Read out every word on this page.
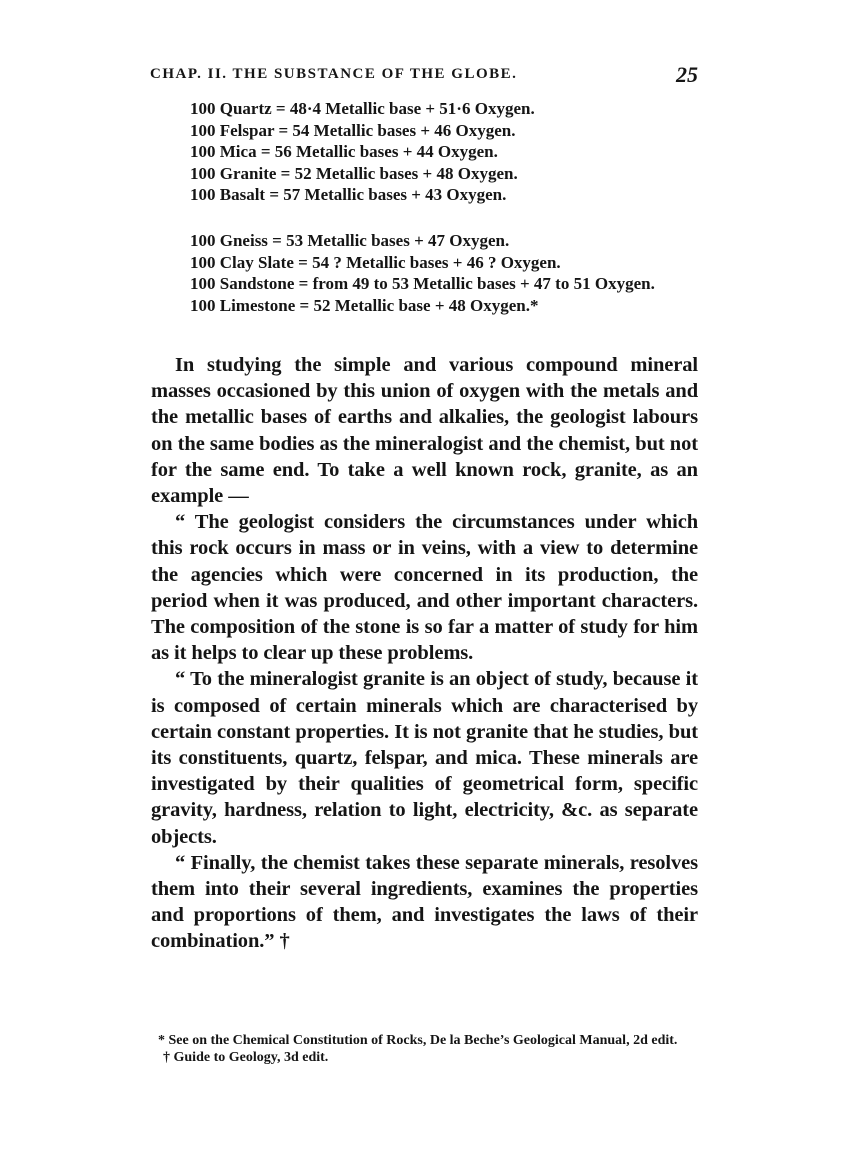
CHAP. II. THE SUBSTANCE OF THE GLOBE.	25
100 Quartz = 48·4 Metallic base + 51·6 Oxygen.
100 Felspar = 54 Metallic bases + 46 Oxygen.
100 Mica = 56 Metallic bases + 44 Oxygen.
100 Granite = 52 Metallic bases + 48 Oxygen.
100 Basalt = 57 Metallic bases + 43 Oxygen.
100 Gneiss = 53 Metallic bases + 47 Oxygen.
100 Clay Slate = 54 ? Metallic bases + 46 ? Oxygen.
100 Sandstone = from 49 to 53 Metallic bases + 47 to 51 Oxygen.
100 Limestone = 52 Metallic base + 48 Oxygen.*

In studying the simple and various compound mineral masses occasioned by this union of oxygen with the metals and the metallic bases of earths and alkalies, the geologist labours on the same bodies as the mineralogist and the chemist, but not for the same end. To take a well known rock, granite, as an example —

“ The geologist considers the circumstances under which this rock occurs in mass or in veins, with a view to determine the agencies which were concerned in its production, the period when it was produced, and other important characters. The composition of the stone is so far a matter of study for him as it helps to clear up these problems.

“ To the mineralogist granite is an object of study, because it is composed of certain minerals which are characterised by certain constant properties. It is not granite that he studies, but its constituents, quartz, felspar, and mica. These minerals are investigated by their qualities of geometrical form, specific gravity, hardness, relation to light, electricity, &c. as separate objects.

“ Finally, the chemist takes these separate minerals, resolves them into their several ingredients, examines the properties and proportions of them, and investigates the laws of their combination.” †

* See on the Chemical Constitution of Rocks, De la Beche’s Geological Manual, 2d edit.

† Guide to Geology, 3d edit.
